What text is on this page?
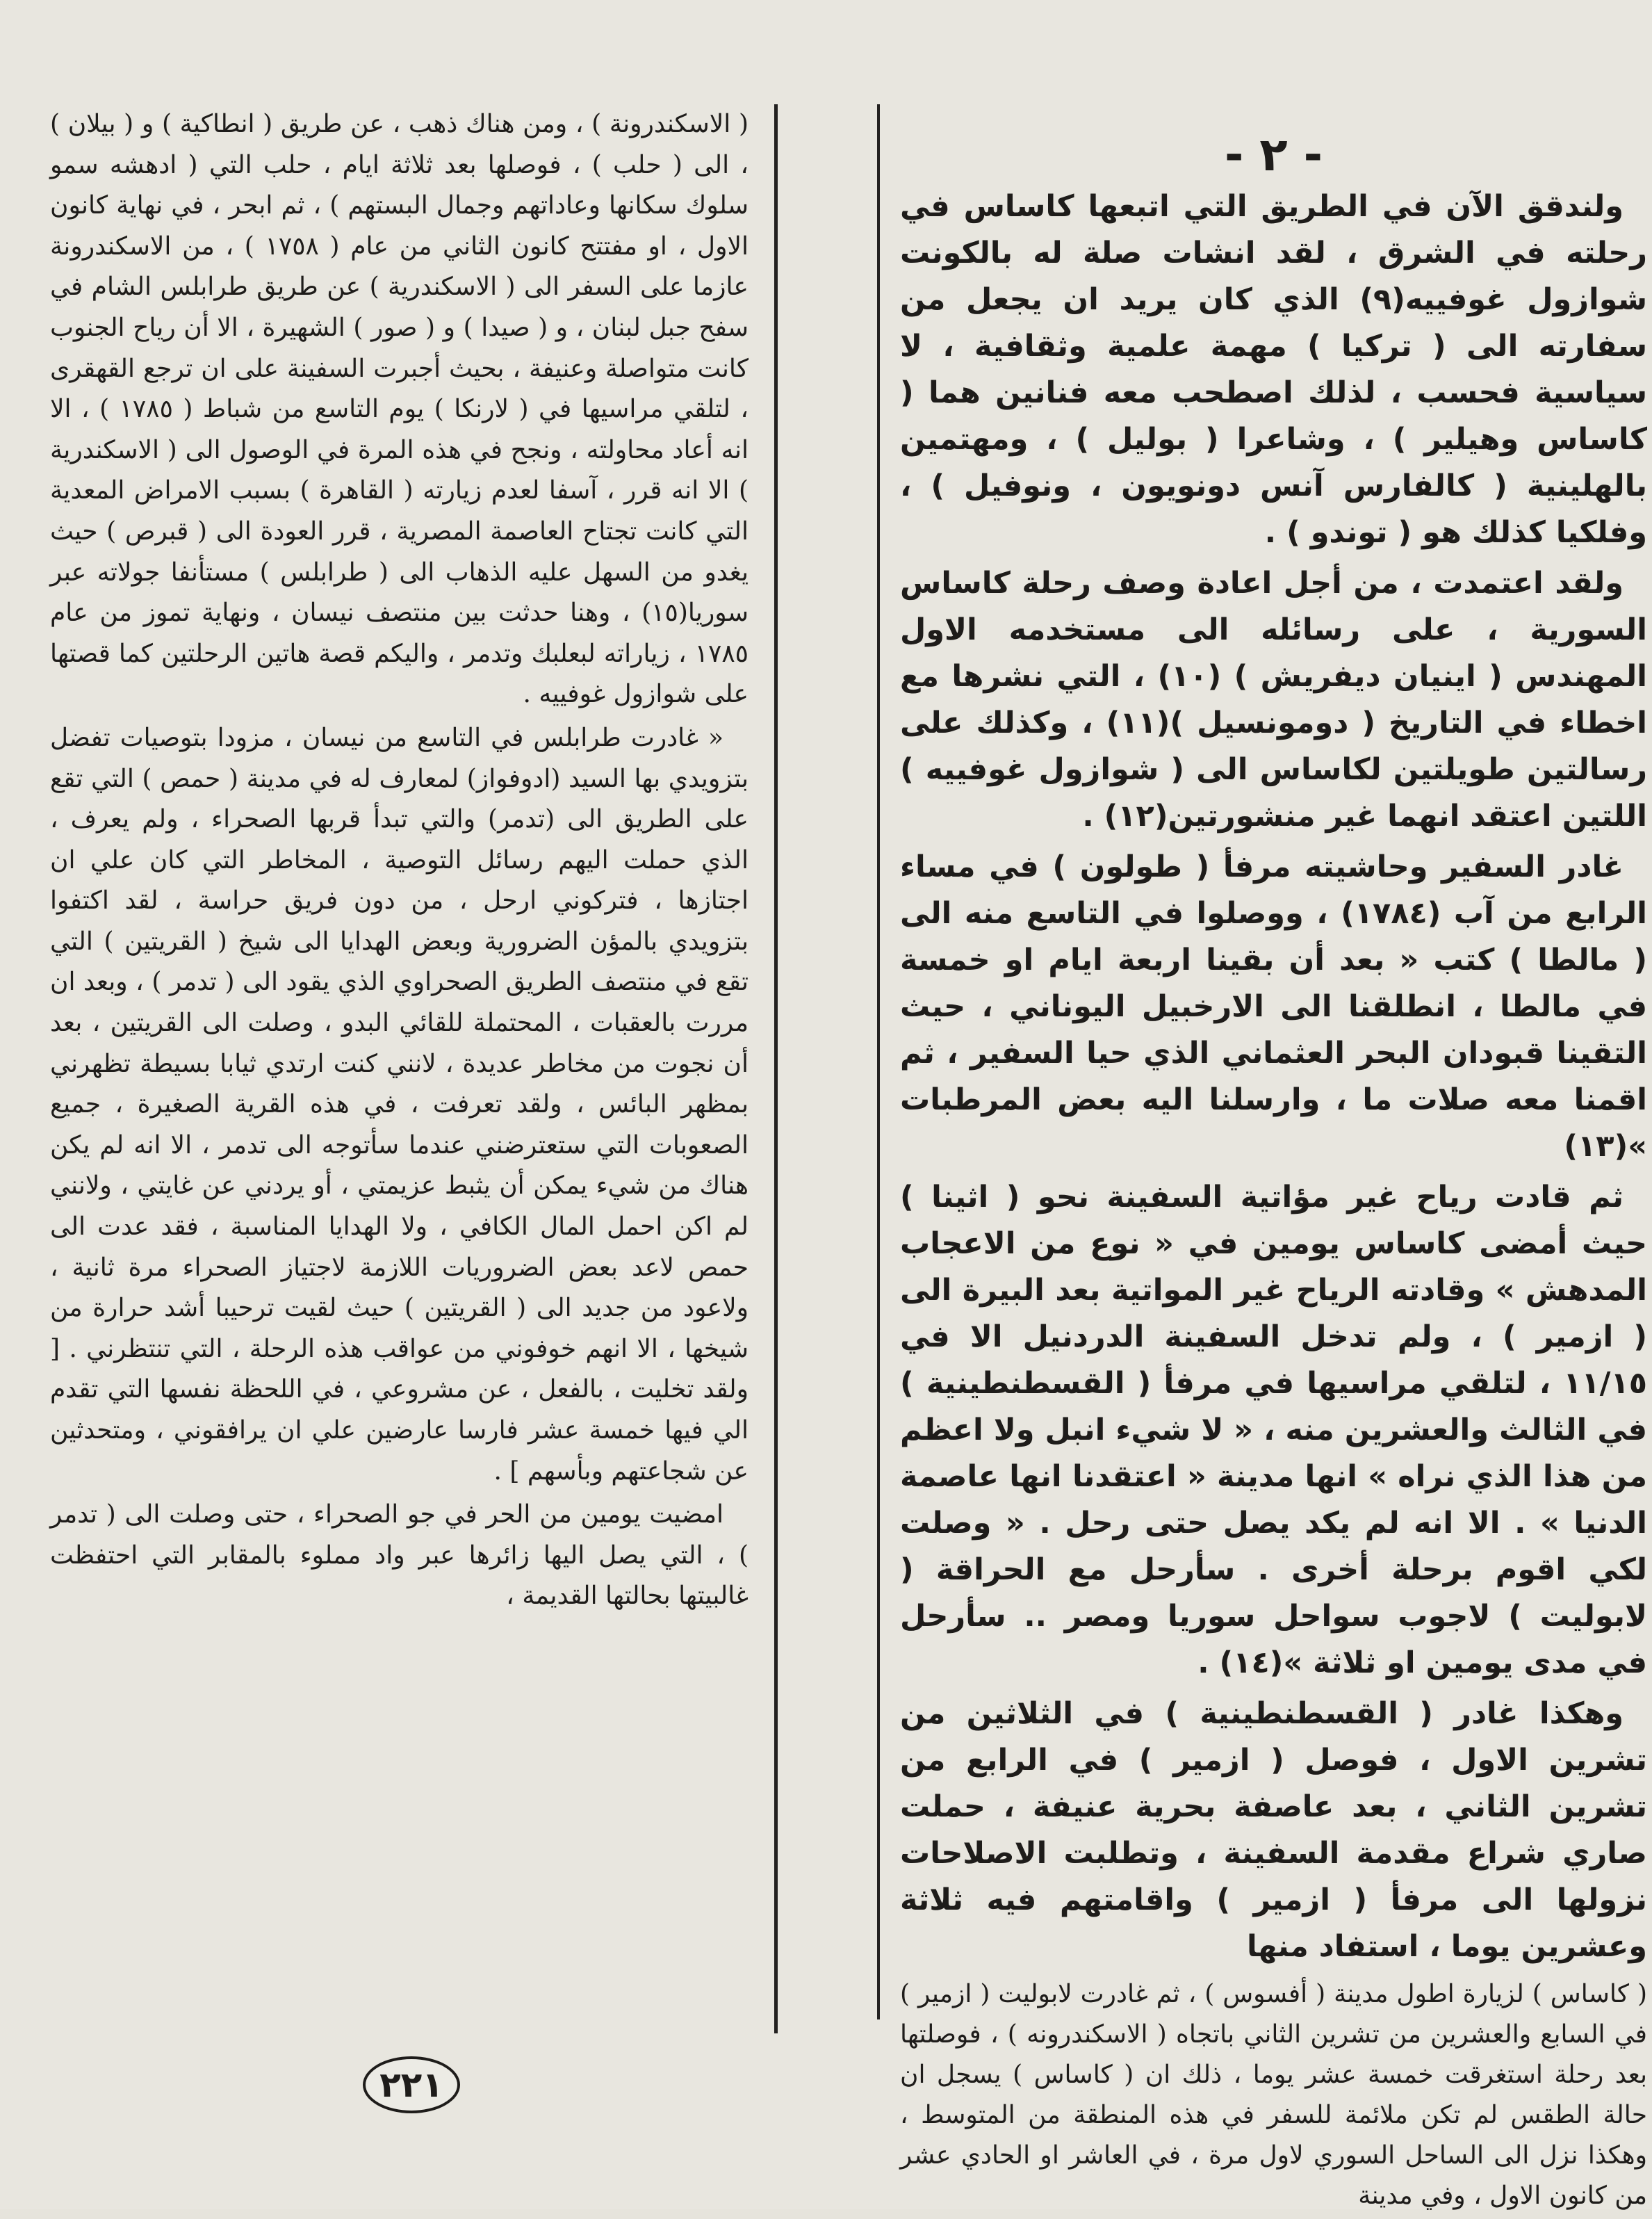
- ٢ -

ولندقق الآن في الطريق التي اتبعها كاساس في رحلته في الشرق ، لقد انشات صلة له بالكونت شوازول غوفييه(٩) الذي كان يريد ان يجعل من سفارته الى ( تركيا ) مهمة علمية وثقافية ، لا سياسية فحسب ، لذلك اصطحب معه فنانين هما ( كاساس وهيلير ) ، وشاعرا ( بوليل ) ، ومهتمين بالهلينية ( كالفارس آنس دونويون ، ونوفيل ) ، وفلكيا كذلك هو ( توندو ) .

ولقد اعتمدت ، من أجل اعادة وصف رحلة كاساس السورية ، على رسائله الى مستخدمه الاول المهندس ( اينيان ديفريش ) (١٠) ، التي نشرها مع اخطاء في التاريخ ( دومونسيل )(١١) ، وكذلك على رسالتين طويلتين لكاساس الى ( شوازول غوفييه ) اللتين اعتقد انهما غير منشورتين(١٢) .

غادر السفير وحاشيته مرفأ ( طولون ) في مساء الرابع من آب (١٧٨٤) ، ووصلوا في التاسع منه الى ( مالطا ) كتب « بعد أن بقينا اربعة ايام او خمسة في مالطا ، انطلقنا الى الارخبيل اليوناني ، حيث التقينا قبودان البحر العثماني الذي حيا السفير ، ثم اقمنا معه صلات ما ، وارسلنا اليه بعض المرطبات »(١٣)

ثم قادت رياح غير مؤاتية السفينة نحو ( اثينا ) حيث أمضى كاساس يومين في « نوع من الاعجاب المدهش » وقادته الرياح غير المواتية بعد البيرة الى ( ازمير ) ، ولم تدخل السفينة الدردنيل الا في ١١/١٥ ، لتلقي مراسيها في مرفأ ( القسطنطينية ) في الثالث والعشرين منه ، « لا شيء انبل ولا اعظم من هذا الذي نراه » انها مدينة « اعتقدنا انها عاصمة الدنيا » . الا انه لم يكد يصل حتى رحل . « وصلت لكي اقوم برحلة أخرى . سأرحل مع الحراقة ( لابوليت ) لاجوب سواحل سوريا ومصر .. سأرحل في مدى يومين او ثلاثة »(١٤) .

وهكذا غادر ( القسطنطينية ) في الثلاثين من تشرين الاول ، فوصل ( ازمير ) في الرابع من تشرين الثاني ، بعد عاصفة بحرية عنيفة ، حملت صاري شراع مقدمة السفينة ، وتطلبت الاصلاحات نزولها الى مرفأ ( ازمير ) واقامتهم فيه ثلاثة وعشرين يوما ، استفاد منها

( كاساس ) لزيارة اطول مدينة ( أفسوس ) ، ثم غادرت لابوليت ( ازمير ) في السابع والعشرين من تشرين الثاني باتجاه ( الاسكندرونه ) ، فوصلتها بعد رحلة استغرقت خمسة عشر يوما ، ذلك ان ( كاساس ) يسجل ان حالة الطقس لم تكن ملائمة للسفر في هذه المنطقة من المتوسط ، وهكذا نزل الى الساحل السوري لاول مرة ، في العاشر او الحادي عشر من كانون الاول ، وفي مدينة

( الاسكندرونة ) ، ومن هناك ذهب ، عن طريق ( انطاكية ) و ( بيلان ) ، الى ( حلب ) ، فوصلها بعد ثلاثة ايام ، حلب التي ( ادهشه سمو سلوك سكانها وعاداتهم وجمال البستهم ) ، ثم ابحر ، في نهاية كانون الاول ، او مفتتح كانون الثاني من عام ( ١٧٥٨ ) ، من الاسكندرونة عازما على السفر الى ( الاسكندرية ) عن طريق طرابلس الشام في سفح جبل لبنان ، و ( صيدا ) و ( صور ) الشهيرة ، الا أن رياح الجنوب كانت متواصلة وعنيفة ، بحيث أجبرت السفينة على ان ترجع القهقرى ، لتلقي مراسيها في ( لارنكا ) يوم التاسع من شباط ( ١٧٨٥ ) ، الا انه أعاد محاولته ، ونجح في هذه المرة في الوصول الى ( الاسكندرية ) الا انه قرر ، آسفا لعدم زيارته ( القاهرة ) بسبب الامراض المعدية التي كانت تجتاح العاصمة المصرية ، قرر العودة الى ( قبرص ) حيث يغدو من السهل عليه الذهاب الى ( طرابلس ) مستأنفا جولاته عبر سوريا(١٥) ، وهنا حدثت بين منتصف نيسان ، ونهاية تموز من عام ١٧٨٥ ، زياراته لبعلبك وتدمر ، واليكم قصة هاتين الرحلتين كما قصتها على شوازول غوفييه .

« غادرت طرابلس في التاسع من نيسان ، مزودا بتوصيات تفضل بتزويدي بها السيد (ادوفواز) لمعارف له في مدينة ( حمص ) التي تقع على الطريق الى (تدمر) والتي تبدأ قربها الصحراء ، ولم يعرف ، الذي حملت اليهم رسائل التوصية ، المخاطر التي كان علي ان اجتازها ، فتركوني ارحل ، من دون فريق حراسة ، لقد اكتفوا بتزويدي بالمؤن الضرورية وبعض الهدايا الى شيخ ( القريتين ) التي تقع في منتصف الطريق الصحراوي الذي يقود الى ( تدمر ) ، وبعد ان مررت بالعقبات ، المحتملة للقائي البدو ، وصلت الى القريتين ، بعد أن نجوت من مخاطر عديدة ، لانني كنت ارتدي ثيابا بسيطة تظهرني بمظهر البائس ، ولقد تعرفت ، في هذه القرية الصغيرة ، جميع الصعوبات التي ستعترضني عندما سأتوجه الى تدمر ، الا انه لم يكن هناك من شيء يمكن أن يثبط عزيمتي ، أو يردني عن غايتي ، ولانني لم اكن احمل المال الكافي ، ولا الهدايا المناسبة ، فقد عدت الى حمص لاعد بعض الضروريات اللازمة لاجتياز الصحراء مرة ثانية ، ولاعود من جديد الى ( القريتين ) حيث لقيت ترحيبا أشد حرارة من شيخها ، الا انهم خوفوني من عواقب هذه الرحلة ، التي تنتظرني . [ ولقد تخليت ، بالفعل ، عن مشروعي ، في اللحظة نفسها التي تقدم الي فيها خمسة عشر فارسا عارضين علي ان يرافقوني ، ومتحدثين عن شجاعتهم وبأسهم ] .

امضيت يومين من الحر في جو الصحراء ، حتى وصلت الى ( تدمر ) ، التي يصل اليها زائرها عبر واد مملوء بالمقابر التي احتفظت غالبيتها بحالتها القديمة ،

٢٢١
